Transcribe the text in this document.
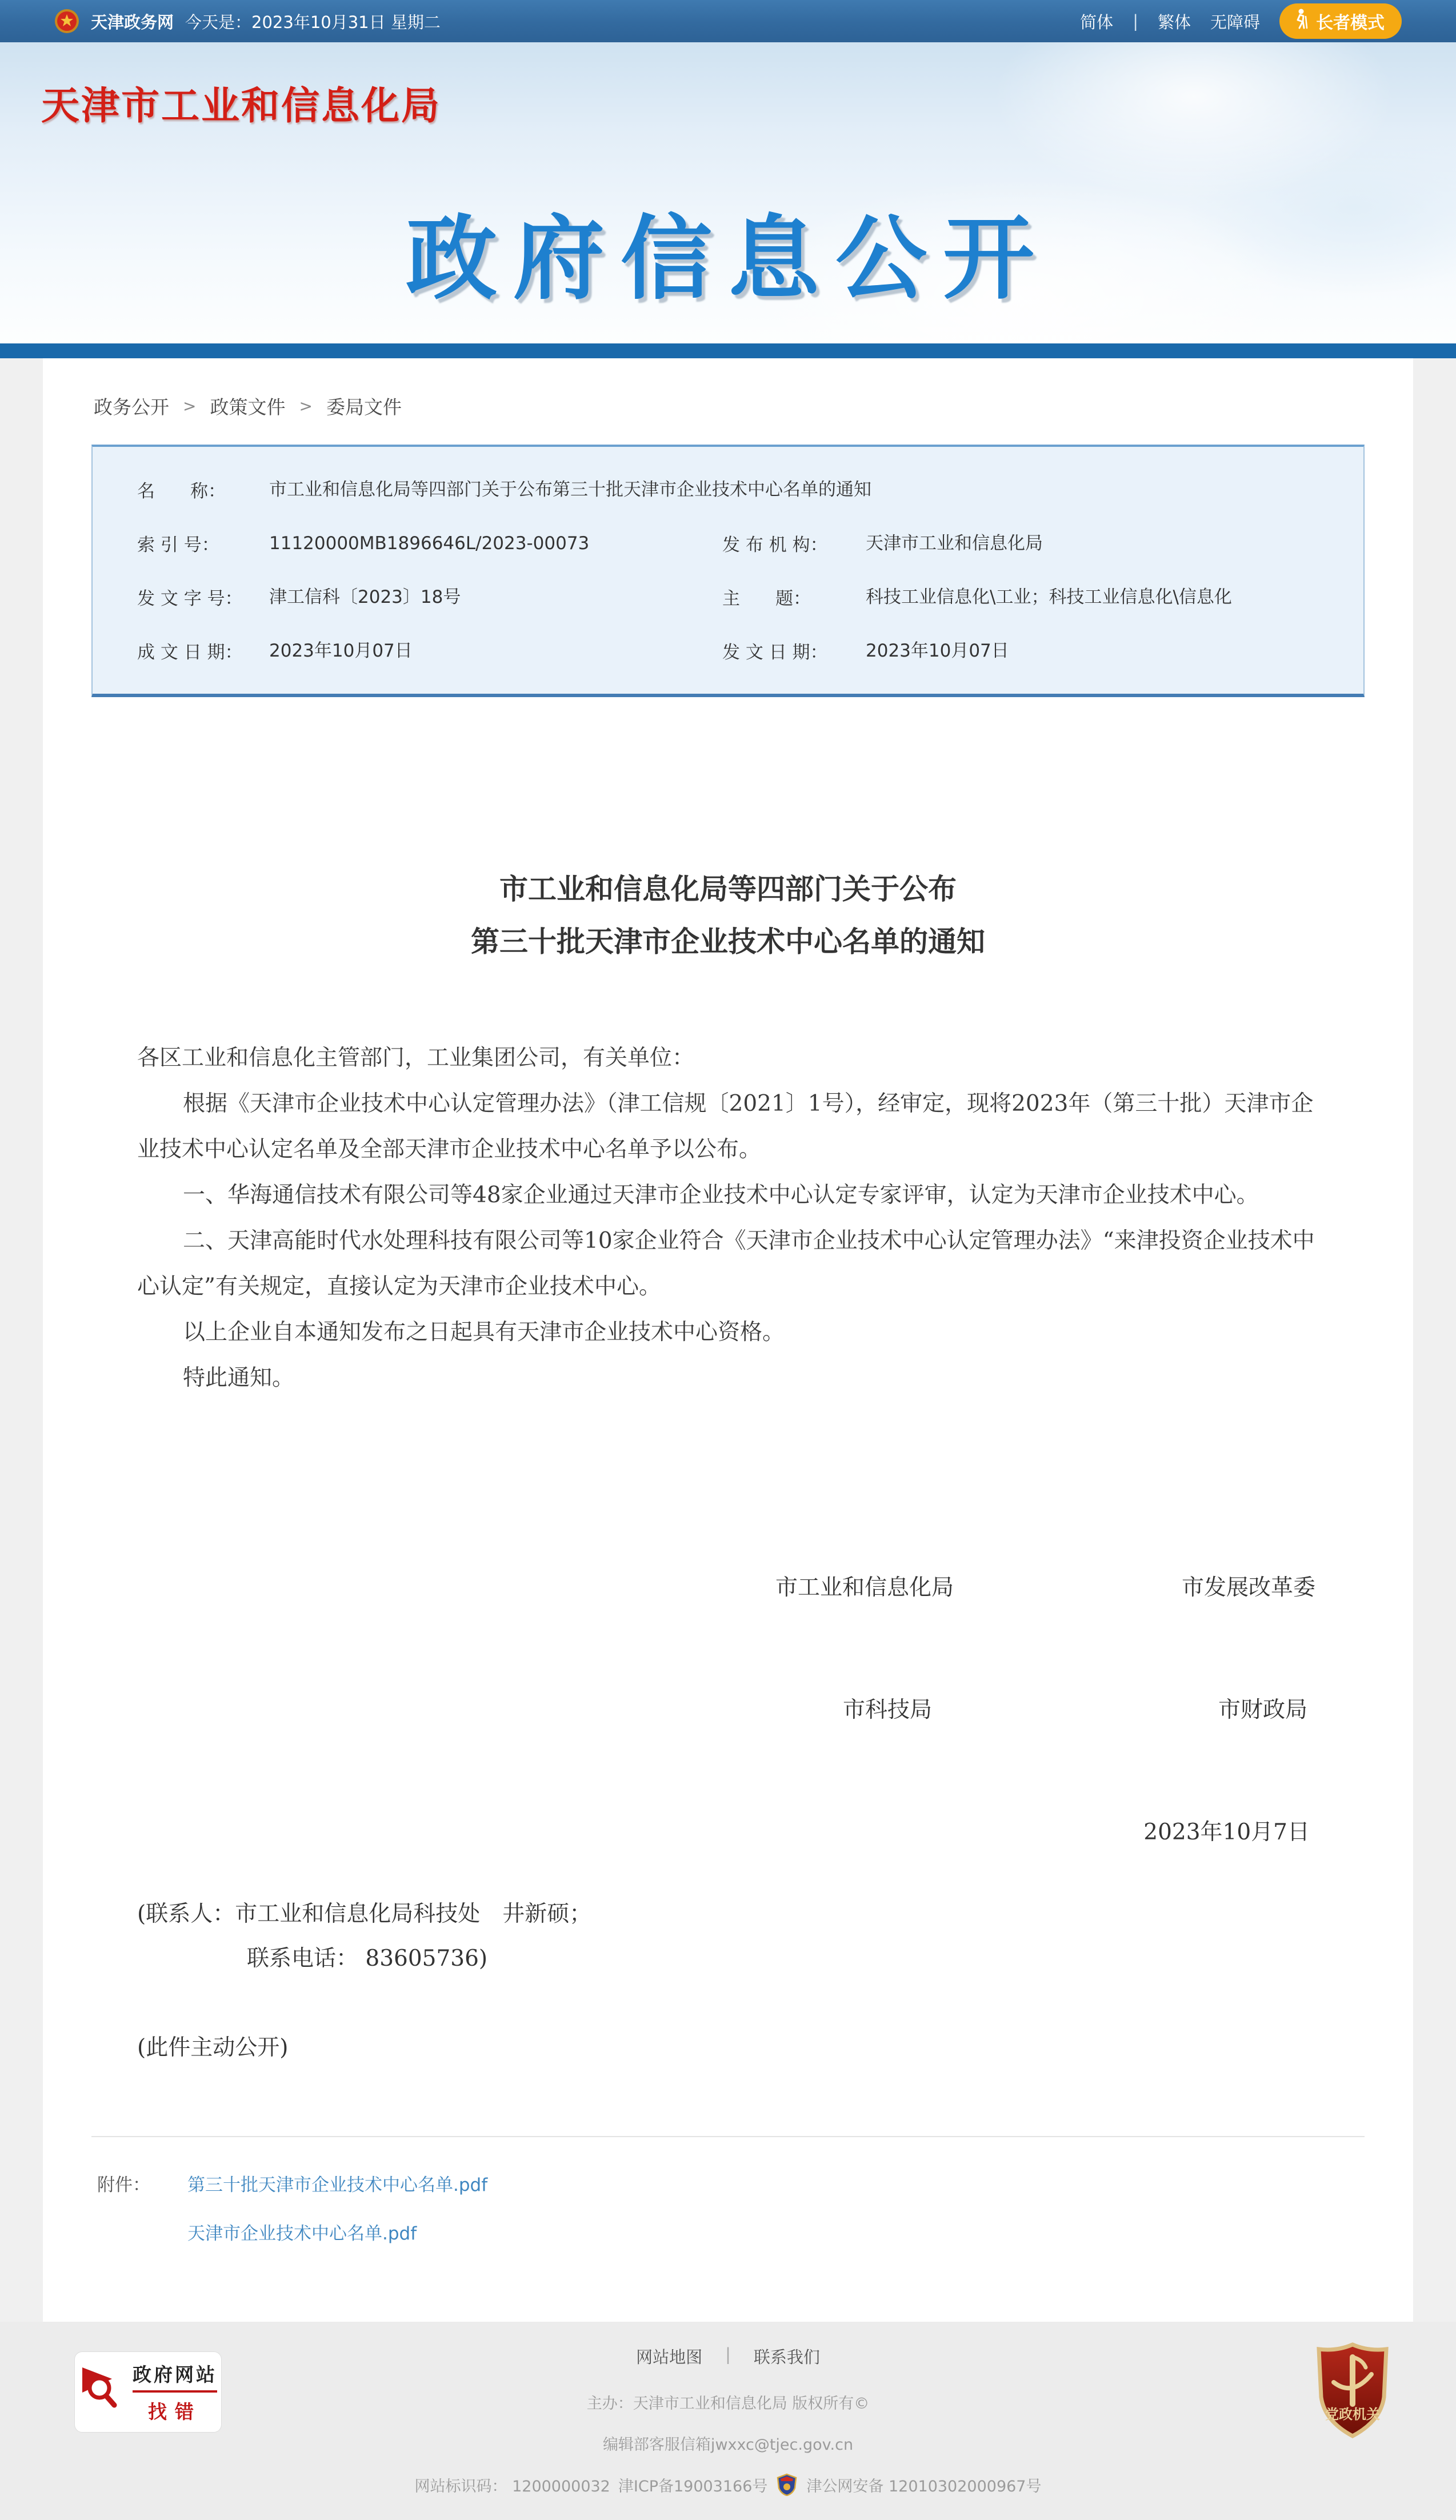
天津政务网 今天是：2023年10月31日 星期二	简体 | 繁体 无障碍	长者模式
天津市工业和信息化局
政府信息公开
政务公开 > 政策文件 > 委局文件
名　　称：	市工业和信息化局等四部门关于公布第三十批天津市企业技术中心名单的通知
索 引 号：	11120000MB1896646L/2023-00073	发 布 机 构：	天津市工业和信息化局
发 文 字 号：	津工信科〔2023〕18号	主　　题：	科技工业信息化\工业；科技工业信息化\信息化
成 文 日 期：	2023年10月07日	发 文 日 期：	2023年10月07日
市工业和信息化局等四部门关于公布
第三十批天津市企业技术中心名单的通知

各区工业和信息化主管部门，工业集团公司，有关单位：

根据《天津市企业技术中心认定管理办法》（津工信规〔2021〕1号），经审定，现将2023年（第三十批）天津市企业技术中心认定名单及全部天津市企业技术中心名单予以公布。

一、华海通信技术有限公司等48家企业通过天津市企业技术中心认定专家评审，认定为天津市企业技术中心。

二、天津高能时代水处理科技有限公司等10家企业符合《天津市企业技术中心认定管理办法》“来津投资企业技术中心认定”有关规定，直接认定为天津市企业技术中心。

以上企业自本通知发布之日起具有天津市企业技术中心资格。

特此通知。

市工业和信息化局	市发展改革委
市科技局	市财政局
2023年10月7日
(联系人：市工业和信息化局科技处　井新硕；
联系电话： 83605736)
(此件主动公开)
附件：	第三十批天津市企业技术中心名单.pdf
天津市企业技术中心名单.pdf
政府网站
找错
网站地图 | 联系我们
主办：天津市工业和信息化局 版权所有©
编辑部客服信箱jwxxc@tjec.gov.cn
网站标识码： 1200000032 津ICP备19003166号	津公网安备 12010302000967号
党政机关
